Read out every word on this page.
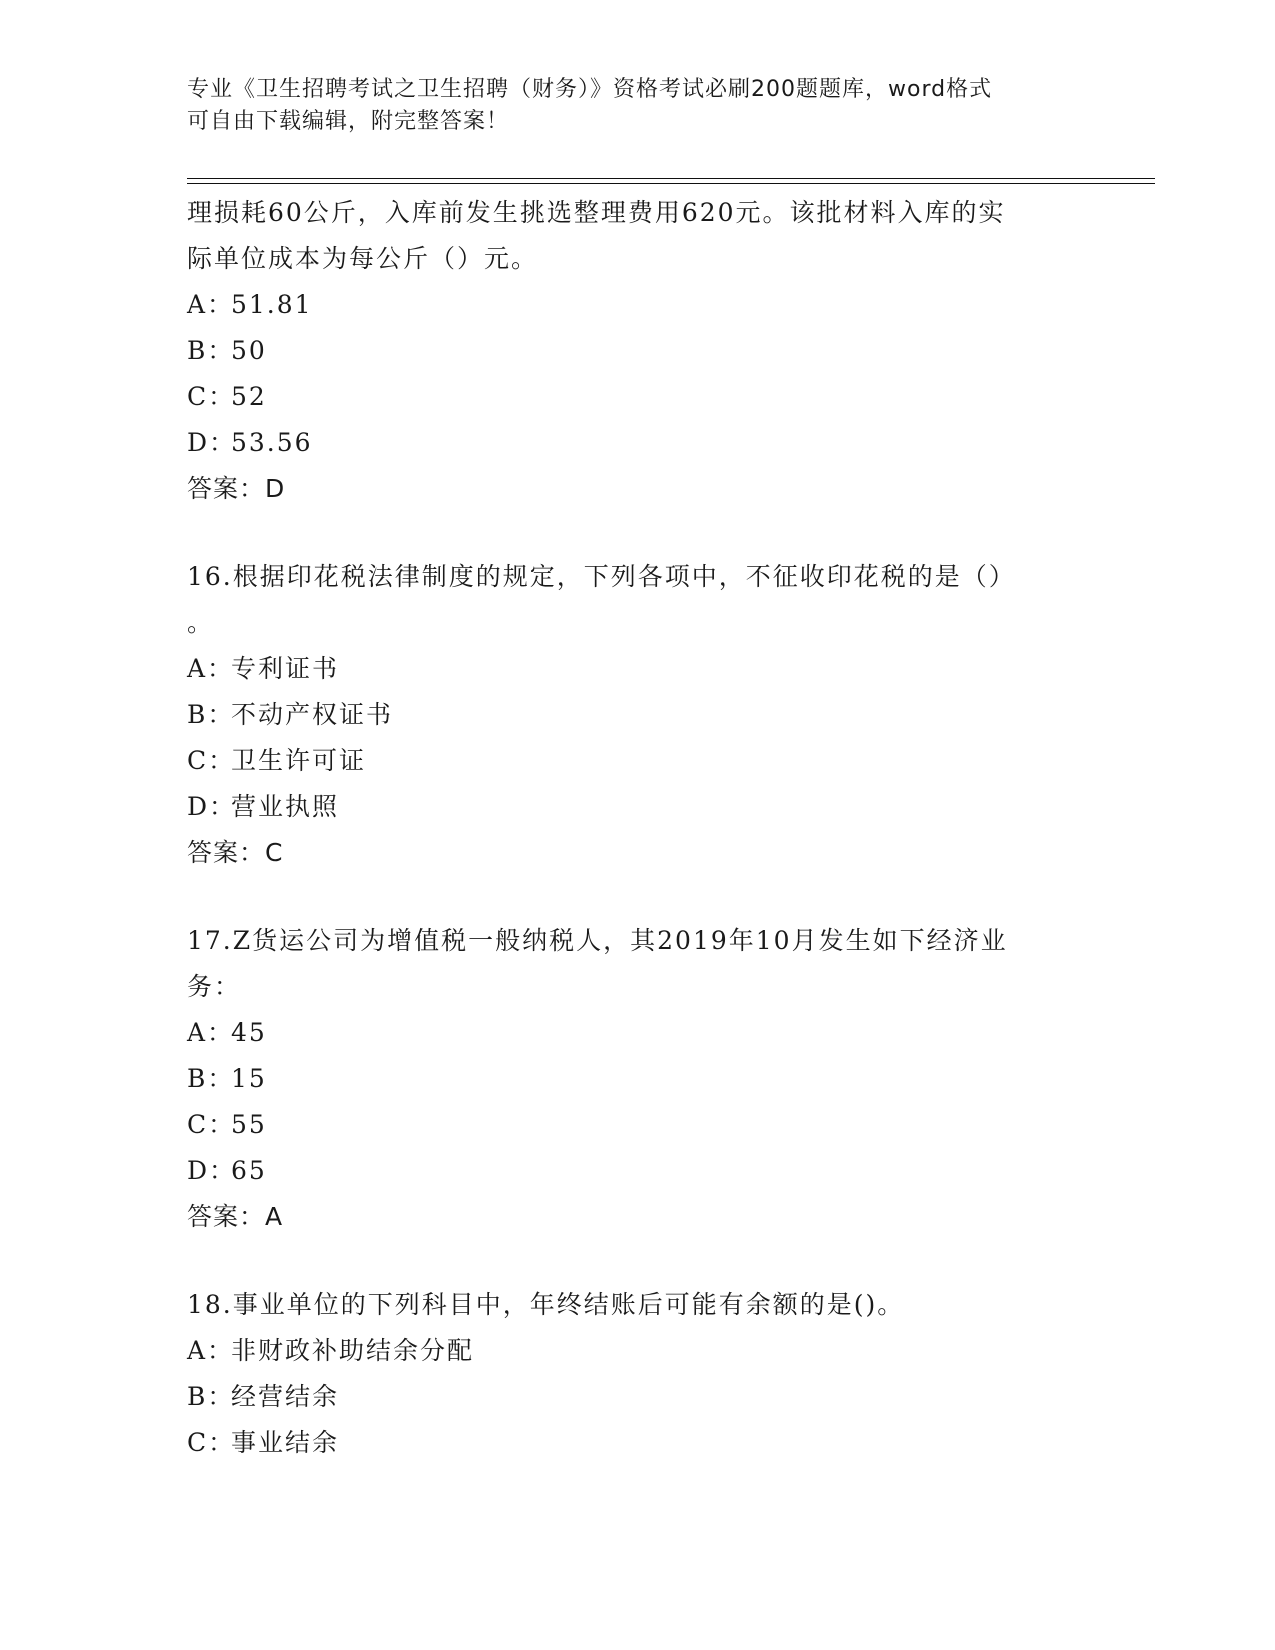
专业《卫生招聘考试之卫生招聘（财务）》资格考试必刷200题题库，word格式
可自由下载编辑，附完整答案！
理损耗60公斤，入库前发生挑选整理费用620元。该批材料入库的实
际单位成本为每公斤（）元。
A：51.81
B：50
C：52
D：53.56
答案：D
16.根据印花税法律制度的规定，下列各项中，不征收印花税的是（）
。
A：专利证书
B：不动产权证书
C：卫生许可证
D：营业执照
答案：C
17.Z货运公司为增值税一般纳税人，其2019年10月发生如下经济业
务：
A：45
B：15
C：55
D：65
答案：A
18.事业单位的下列科目中，年终结账后可能有余额的是()。
A：非财政补助结余分配
B：经营结余
C：事业结余
